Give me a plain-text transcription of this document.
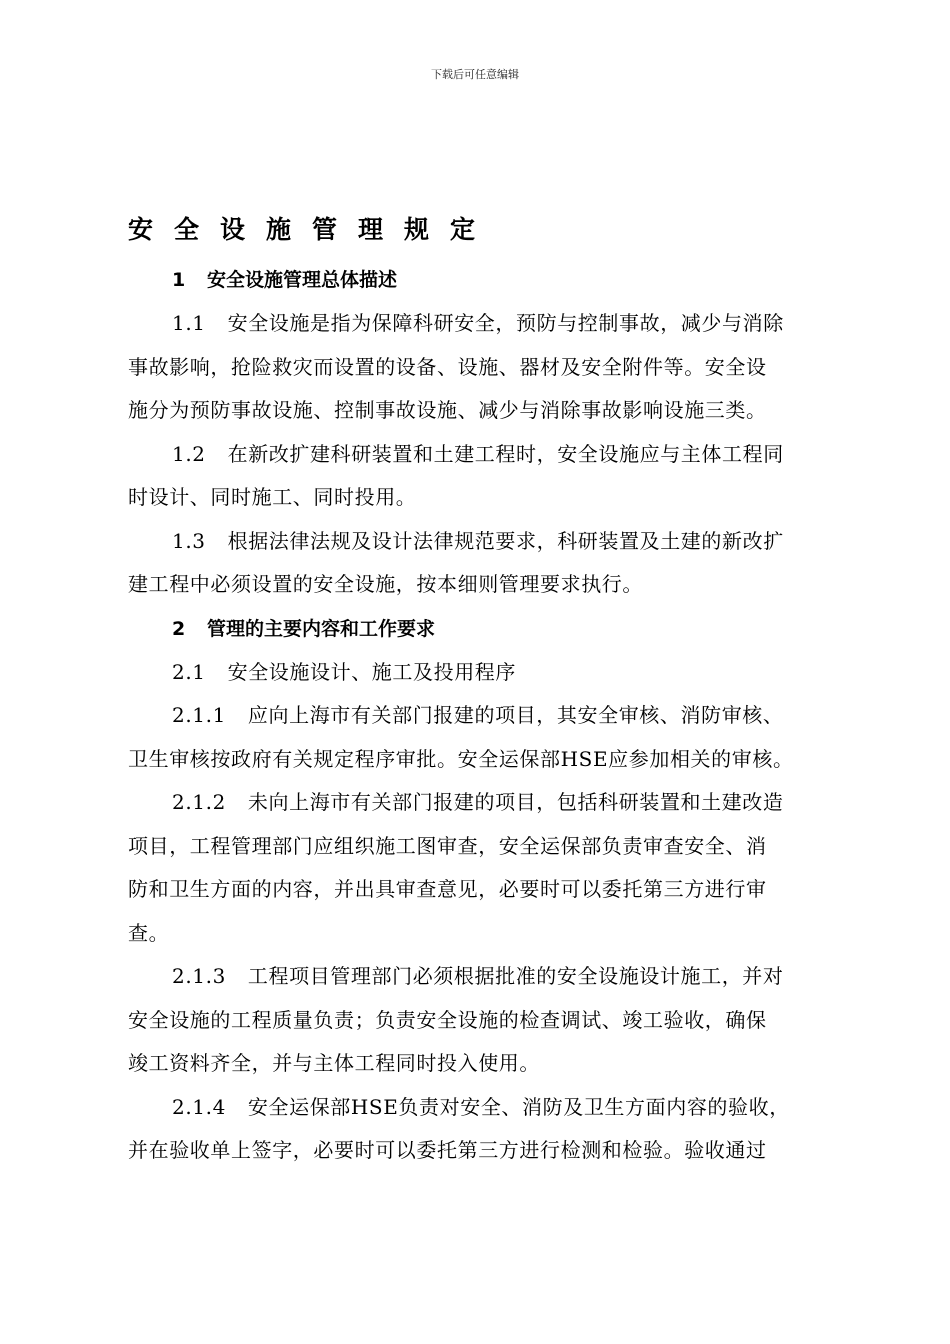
下载后可任意编辑
安全设施管理规定
1 安全设施管理总体描述
1.1 安全设施是指为保障科研安全，预防与控制事故，减少与消除
事故影响，抢险救灾而设置的设备、设施、器材及安全附件等。安全设
施分为预防事故设施、控制事故设施、减少与消除事故影响设施三类。
1.2 在新改扩建科研装置和土建工程时，安全设施应与主体工程同
时设计、同时施工、同时投用。
1.3 根据法律法规及设计法律规范要求，科研装置及土建的新改扩
建工程中必须设置的安全设施，按本细则管理要求执行。
2 管理的主要内容和工作要求
2.1 安全设施设计、施工及投用程序
2.1.1 应向上海市有关部门报建的项目，其安全审核、消防审核、
卫生审核按政府有关规定程序审批。安全运保部HSE应参加相关的审核。
2.1.2 未向上海市有关部门报建的项目，包括科研装置和土建改造
项目，工程管理部门应组织施工图审查，安全运保部负责审查安全、消
防和卫生方面的内容，并出具审查意见，必要时可以委托第三方进行审
查。
2.1.3 工程项目管理部门必须根据批准的安全设施设计施工，并对
安全设施的工程质量负责；负责安全设施的检查调试、竣工验收，确保
竣工资料齐全，并与主体工程同时投入使用。
2.1.4 安全运保部HSE负责对安全、消防及卫生方面内容的验收，
并在验收单上签字，必要时可以委托第三方进行检测和检验。验收通过
